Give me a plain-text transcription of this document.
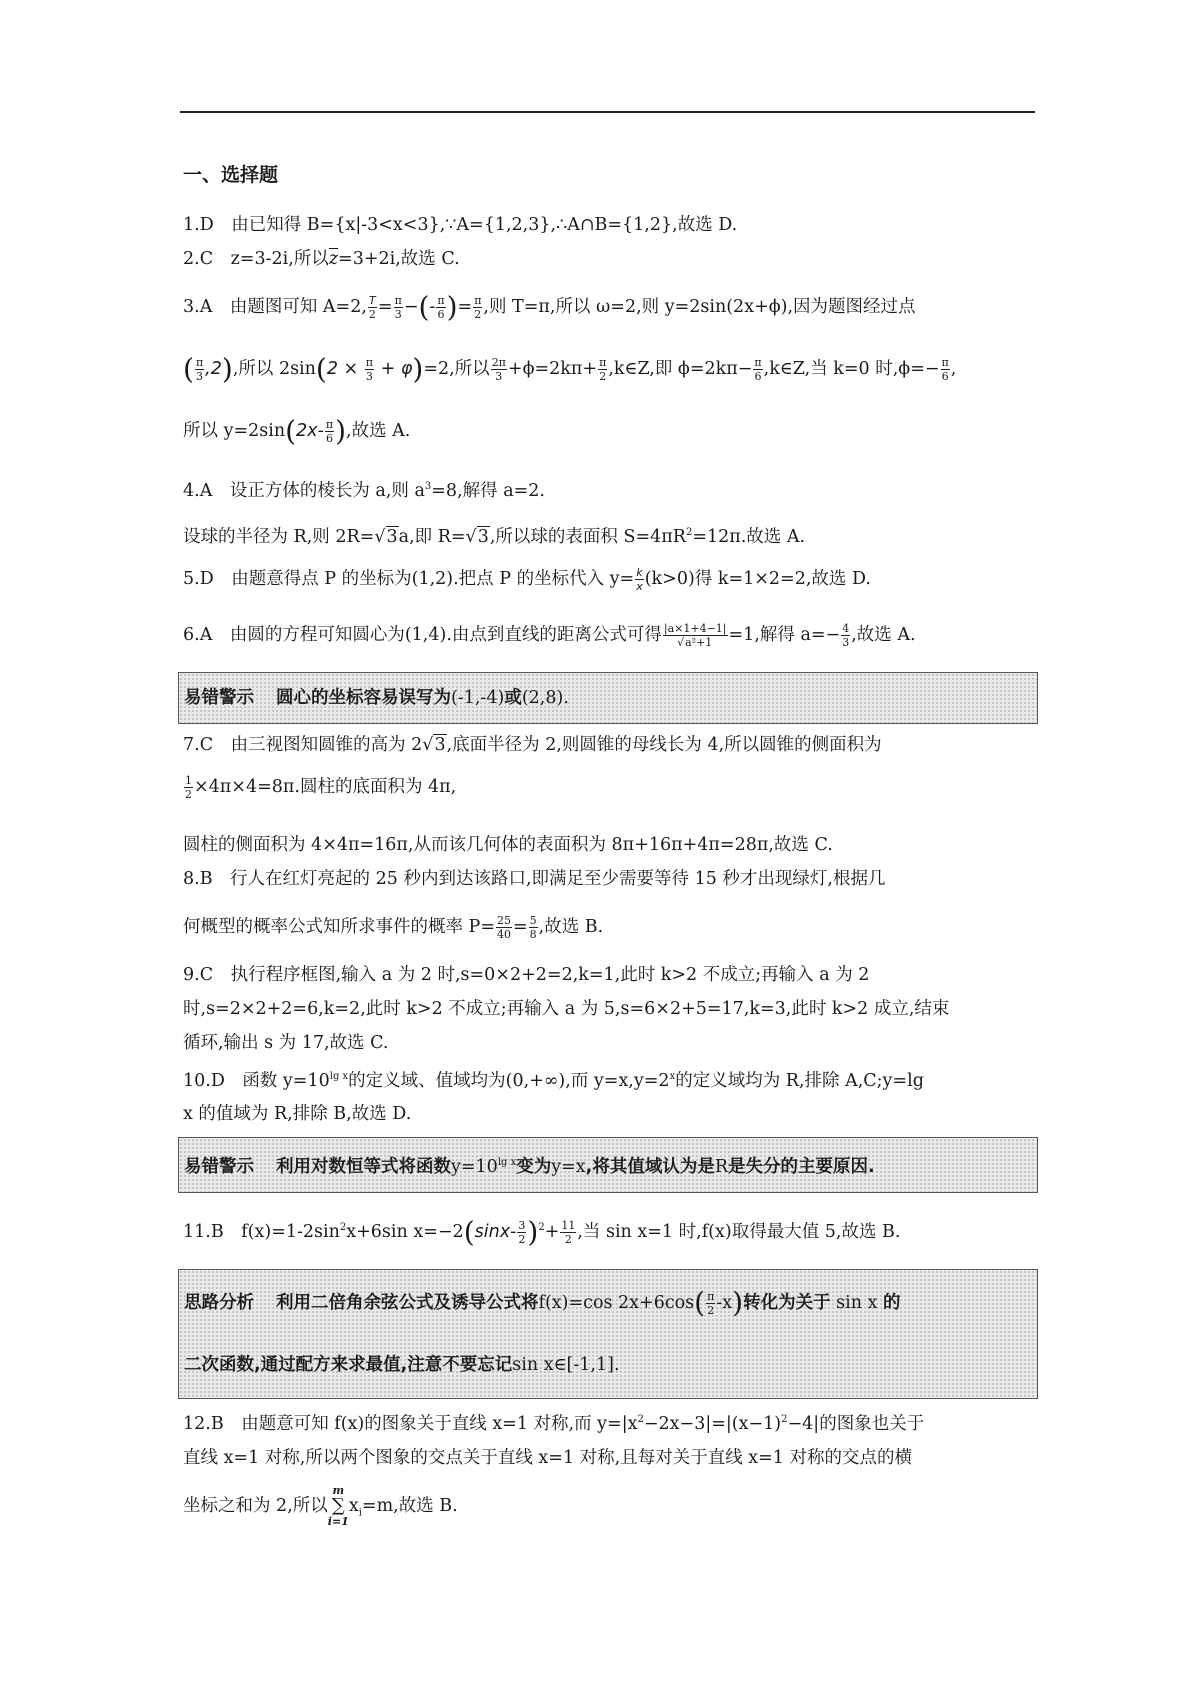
一、选择题
1.D　由已知得 B={x|-3<x<3},∵A={1,2,3},∴A∩B={1,2},故选 D.
2.C　z=3-2i,所以$\overline{z}=3+2i$,故选 C.
3.A　由题图可知 A=2, $\frac{T}{2} = \frac{\pi}{3}$ −(- $\frac{\pi}{6}$ )= $\frac{\pi}{2}$ ,则 T=π,所以 ω=2,则 y=2sin(2x+ϕ),因为题图经过点
( $\frac{\pi}{3} ,2$),所以 $2\sin(2 \times \frac{\pi}{3} + \varphi)=2$,所以 $\frac{2\pi}{3} +\phi=2k\pi+ \frac{\pi}{2}$ ,k∈Z,即 $\phi=2k\pi- \frac{\pi}{6}$ ,k∈Z,当 k=0 时$,\phi=- \frac{\pi}{6}$ ,
所以 $y=2\sin(2x- \frac{\pi}{6}$ ),故选 A.
4.A　设正方体的棱长为 a,则 $a^3=8$,解得 a=2.
设球的半径为 R,则 2R=√3a,即 R=√3,所以球的表面积 $S=4\pi R^2=12\pi$.故选 A.
5.D　由题意得点 P 的坐标为(1,2).把点 P 的坐标代入 $y= \frac{k}{x} (k>0)$得 k=1×2=2,故选 D.
6.A　由圆的方程可知圆心为(1,4).由点到直线的距离公式可得 $\frac{|a\times 1+4-1|}{\text{√a²+1}} =1$,解得 $a=- \frac{4}{3}$ ,故选 A.
易错警示 圆心的坐标容易误写为(-1,-4)或(2,8).
7.C　由三视图知圆锥的高为 2√3,底面半径为 2,则圆锥的母线长为 4,所以圆锥的侧面积为
$\frac{1}{2} \times 4\pi\times 4=8\pi$.圆柱的底面积为 4π,
圆柱的侧面积为 4×4π=16π,从而该几何体的表面积为 8π+16π+4π=28π,故选 C.
8.B　行人在红灯亮起的 25 秒内到达该路口,即满足至少需要等待 15 秒才出现绿灯,根据几
何概型的概率公式知所求事件的概率 $P= \frac{25}{40} = \frac{5}{8}$ ,故选 B.
9.C　执行程序框图,输入 a 为 2 时,s=0×2+2=2,k=1,此时 k>2 不成立;再输入 a 为 2
时,s=2×2+2=6,k=2,此时 k>2 不成立;再输入 a 为 5,s=6×2+5=17,k=3,此时 k>2 成立,结束
循环,输出 s 为 17,故选 C.
10.D　函数 $y=10^{lg x}$的定义域、值域均为(0,+∞),而 $y=x,y=2^x$的定义域均为 R,排除 A,C;y=lg
x 的值域为 R,排除 B,故选 D.
易错警示 利用对数恒等式将函数$y=10^{lg x}$变为y=x,将其值域认为是R是失分的主要原因.
11.B　$f(x)=1-2\sin^2x+6\sin$ $x=-2(\sin x- \frac{3}{2} )^2+ \frac{11}{2}$ ,当 sin x=1 时,f(x)取得最大值 5,故选 B.
思路分析 利用二倍角余弦公式及诱导公式将f(x)=cos $2x+6\cos( \frac{\pi}{2} -x)$转化为关于 sin x 的
二次函数,通过配方来求最值,注意不要忘记sin x∈[-1,1].
12.B　由题意可知 f(x)的图象关于直线 x=1 对称,而 $y=|x^2-2x-3|=|(x-1)^2-4|$的图象也关于
直线 x=1 对称,所以两个图象的交点关于直线 x=1 对称,且每对关于直线 x=1 对称的交点的横
坐标之和为 2,所以
m
∑
i=1
$x_i=m$,故选 B.
